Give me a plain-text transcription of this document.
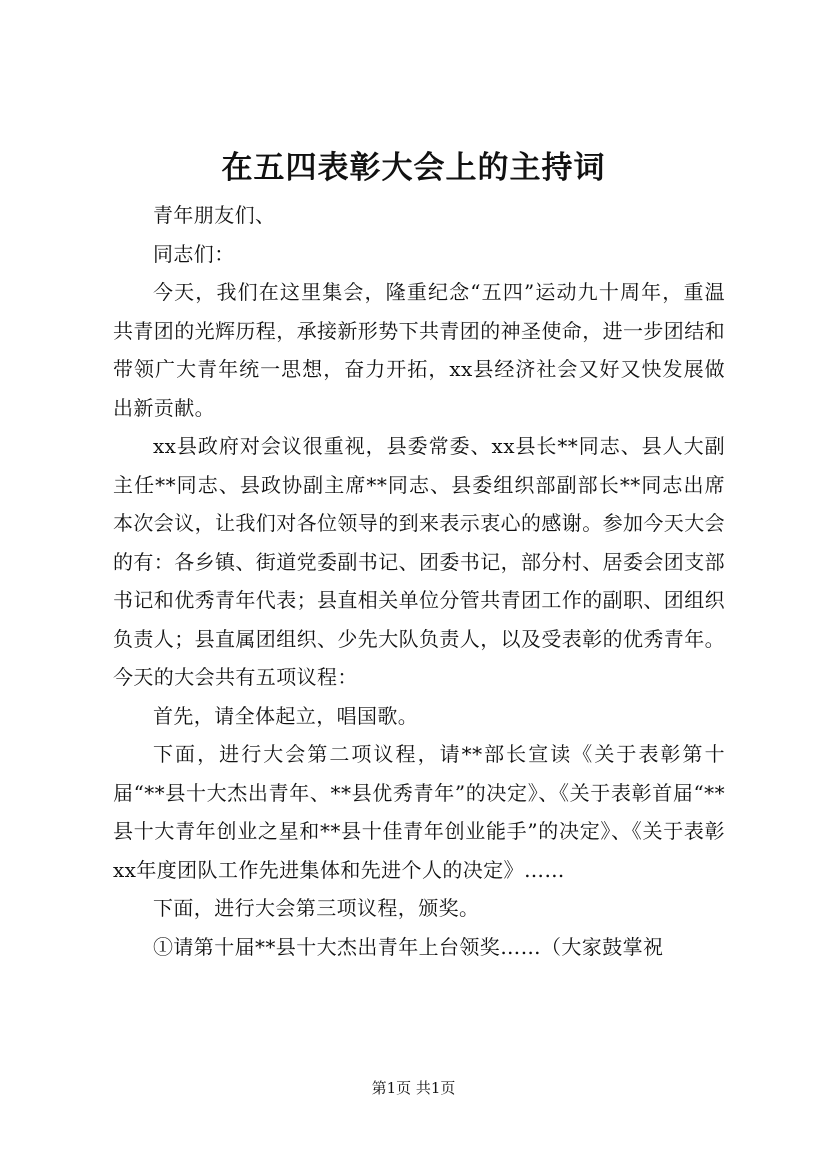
在五四表彰大会上的主持词

青年朋友们、

同志们：

今天，我们在这里集会，隆重纪念“五四”运动九十周年，重温共青团的光辉历程，承接新形势下共青团的神圣使命，进一步团结和带领广大青年统一思想，奋力开拓，xx县经济社会又好又快发展做出新贡献。

xx县政府对会议很重视，县委常委、xx县长**同志、县人大副主任**同志、县政协副主席**同志、县委组织部副部长**同志出席本次会议，让我们对各位领导的到来表示衷心的感谢。参加今天大会的有：各乡镇、街道党委副书记、团委书记，部分村、居委会团支部书记和优秀青年代表；县直相关单位分管共青团工作的副职、团组织负责人；县直属团组织、少先大队负责人，以及受表彰的优秀青年。今天的大会共有五项议程：

首先，请全体起立，唱国歌。

下面，进行大会第二项议程，请**部长宣读《关于表彰第十届“**县十大杰出青年、**县优秀青年”的决定》、《关于表彰首届“**县十大青年创业之星和**县十佳青年创业能手”的决定》、《关于表彰xx年度团队工作先进集体和先进个人的决定》……

下面，进行大会第三项议程，颁奖。

①请第十届**县十大杰出青年上台领奖……（大家鼓掌祝

第1页 共1页
